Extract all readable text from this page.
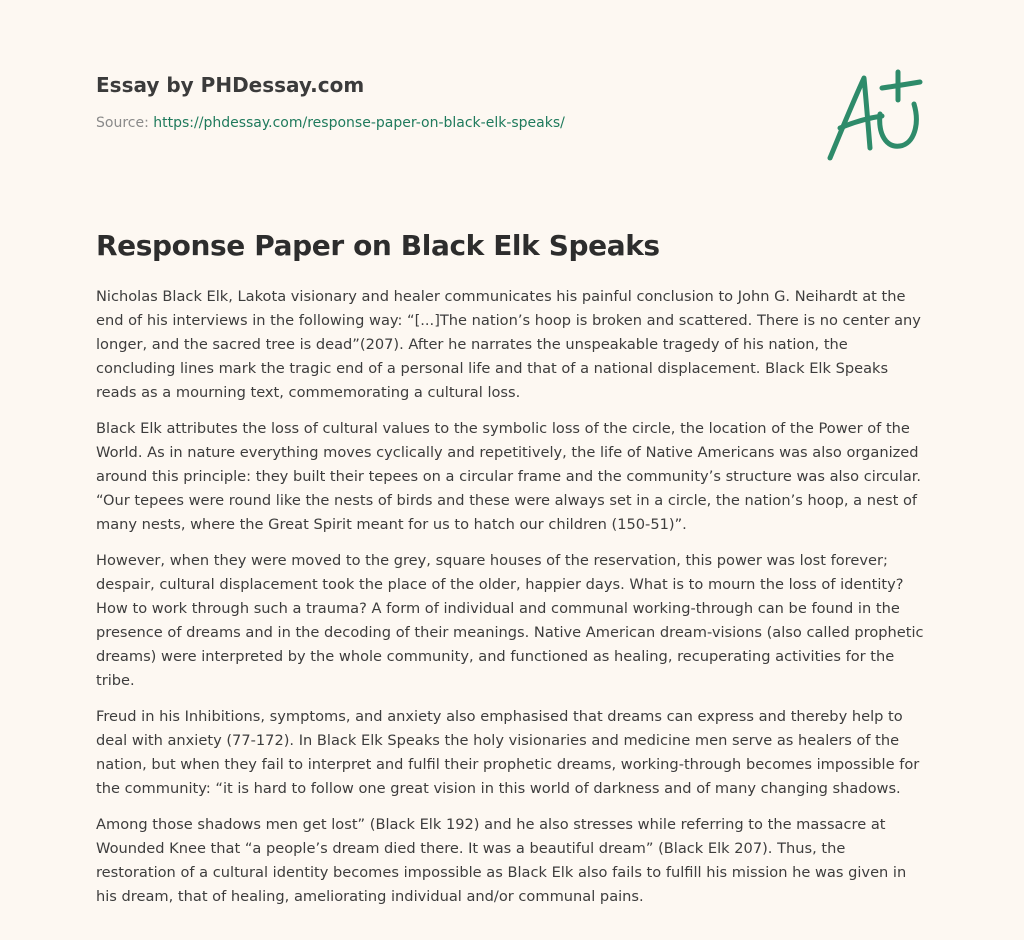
Essay by PHDessay.com
Source: https://phdessay.com/response-paper-on-black-elk-speaks/
Response Paper on Black Elk Speaks

Nicholas Black Elk, Lakota visionary and healer communicates his painful conclusion to John G. Neihardt at the end of his interviews in the following way: “[...]The nation’s hoop is broken and scattered. There is no center any longer, and the sacred tree is dead”(207). After he narrates the unspeakable tragedy of his nation, the concluding lines mark the tragic end of a personal life and that of a national displacement. Black Elk Speaks reads as a mourning text, commemorating a cultural loss.

Black Elk attributes the loss of cultural values to the symbolic loss of the circle, the location of the Power of the World. As in nature everything moves cyclically and repetitively, the life of Native Americans was also organized around this principle: they built their tepees on a circular frame and the community’s structure was also circular. “Our tepees were round like the nests of birds and these were always set in a circle, the nation’s hoop, a nest of many nests, where the Great Spirit meant for us to hatch our children (150-51)”.

However, when they were moved to the grey, square houses of the reservation, this power was lost forever; despair, cultural displacement took the place of the older, happier days. What is to mourn the loss of identity? How to work through such a trauma? A form of individual and communal working-through can be found in the presence of dreams and in the decoding of their meanings. Native American dream-visions (also called prophetic dreams) were interpreted by the whole community, and functioned as healing, recuperating activities for the tribe.

Freud in his Inhibitions, symptoms, and anxiety also emphasised that dreams can express and thereby help to deal with anxiety (77-172). In Black Elk Speaks the holy visionaries and medicine men serve as healers of the nation, but when they fail to interpret and fulfil their prophetic dreams, working-through becomes impossible for the community: “it is hard to follow one great vision in this world of darkness and of many changing shadows.

Among those shadows men get lost” (Black Elk 192) and he also stresses while referring to the massacre at Wounded Knee that “a people’s dream died there. It was a beautiful dream” (Black Elk 207). Thus, the restoration of a cultural identity becomes impossible as Black Elk also fails to fulfill his mission he was given in his dream, that of healing, ameliorating individual and/or communal pains.
